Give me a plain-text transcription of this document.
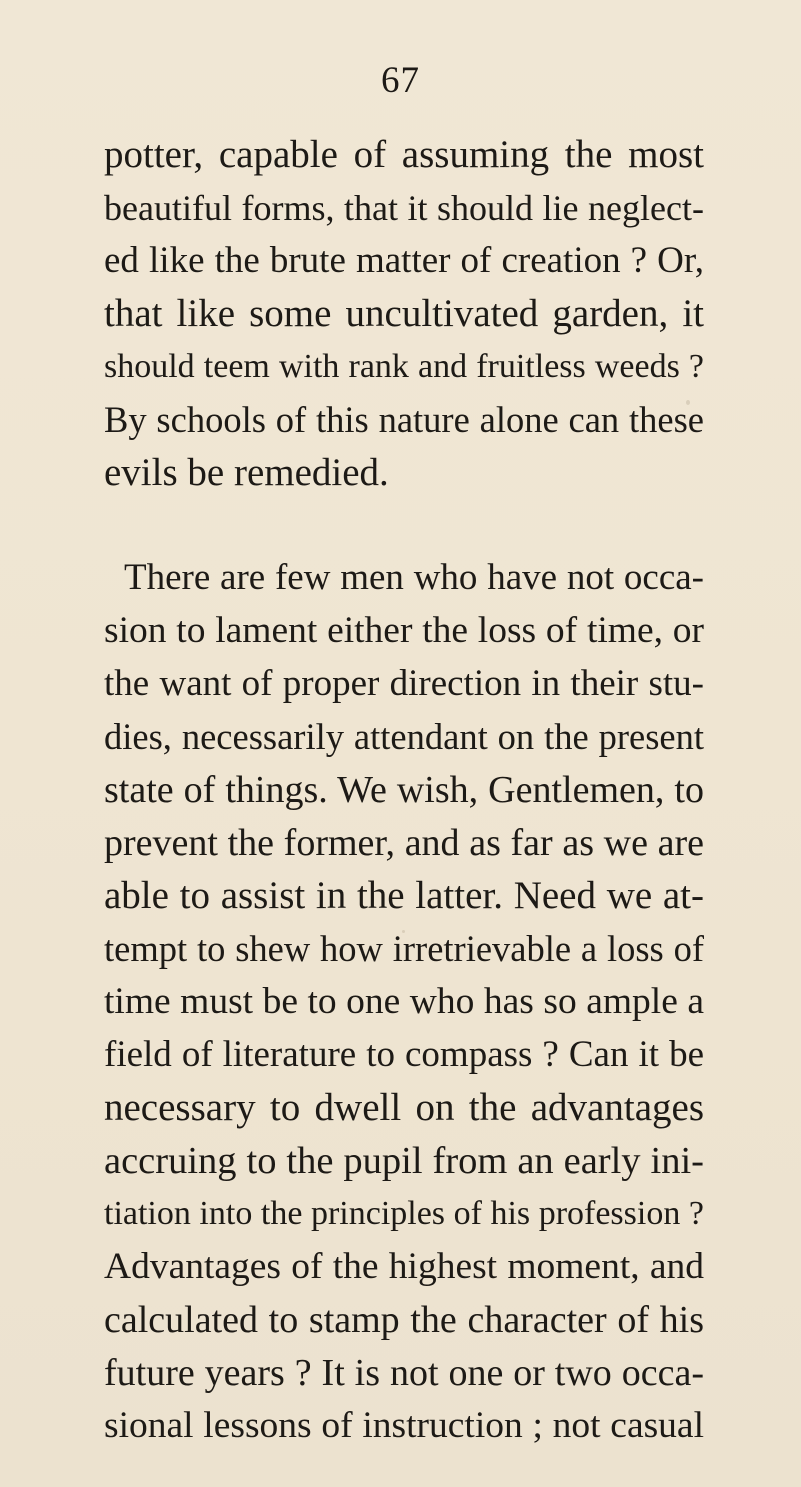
67
potter, capable of assuming the most
beautiful forms, that it should lie neglect-
ed like the brute matter of creation ? Or,
that like some uncultivated garden, it
should teem with rank and fruitless weeds ?
By schools of this nature alone can these
evils be remedied.
There are few men who have not occa-
sion to lament either the loss of time, or
the want of proper direction in their stu-
dies, necessarily attendant on the present
state of things. We wish, Gentlemen, to
prevent the former, and as far as we are
able to assist in the latter. Need we at-
tempt to shew how irretrievable a loss of
time must be to one who has so ample a
field of literature to compass ? Can it be
necessary to dwell on the advantages
accruing to the pupil from an early ini-
tiation into the principles of his profession ?
Advantages of the highest moment, and
calculated to stamp the character of his
future years ? It is not one or two occa-
sional lessons of instruction ; not casual
